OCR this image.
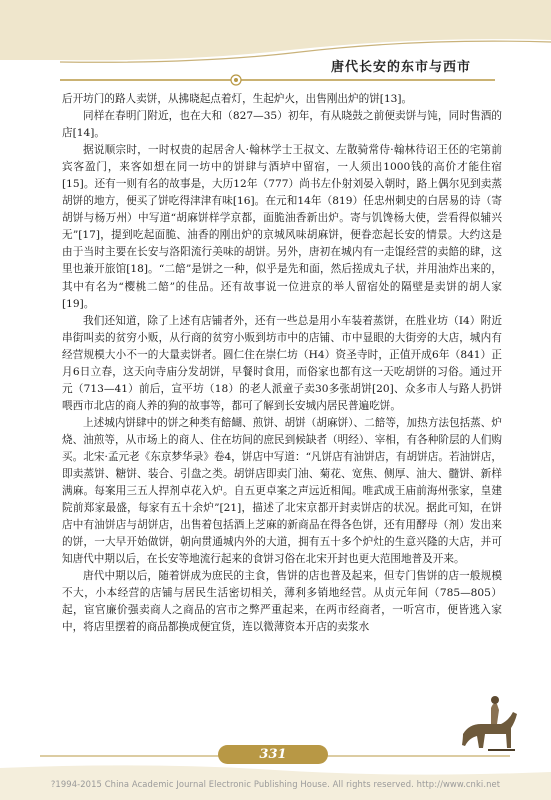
唐代长安的东市与西市

后开坊门的路人卖饼，从拂晓起点着灯，生起炉火，出售刚出炉的饼[13]。

同样在春明门附近，也在大和（827—35）初年，有从晓鼓之前便卖饼与饨，同时售酒的店[14]。

据说顺宗时，一时权贵的起居舍人·翰林学士王叔文、左散骑常侍·翰林待诏王伾的宅第前宾客盈门，来客如想在同一坊中的饼肆与酒垆中留宿，一人须出1000钱的高价才能住宿[15]。还有一则有名的故事是，大历12年（777）尚书左仆射刘晏入朝时，路上偶尔见到卖蒸胡饼的地方，便买了饼吃得津津有味[16]。在元和14年（819）任忠州刺史的白居易的诗（寄胡饼与杨万州）中写道“胡麻饼样学京都，面脆油香新出炉。寄与饥馋杨大使，尝看得似辅兴无”[17]，提到吃起面脆、油香的刚出炉的京城风味胡麻饼，便眷恋起长安的情景。大约这是由于当时主要在长安与洛阳流行美味的胡饼。另外，唐初在城内有一走馄经营的卖餢的肆，这里也兼开旅馆[18]。“二餢”是饼之一种，似乎是先和面，然后搓成丸子状，并用油炸出来的，其中有名为“樱桃二餢”的佳品。还有故事说一位进京的举人留宿处的隔壁是卖饼的胡人家[19]。

我们还知道，除了上述有店铺者外，还有一些总是用小车装着蒸饼，在胜业坊（I4）附近串街叫卖的贫穷小贩，从行商的贫穷小贩到坊市中的店铺、市中显眼的大街旁的大店，城内有经营规模大小不一的大量卖饼者。圆仁住在崇仁坊（H4）资圣寺时，正值开成6年（841）正月6日立春，这天向寺庙分发胡饼，早餐时食用，而俗家也都有这一天吃胡饼的习俗。通过开元（713—41）前后，宣平坊（18）的老人派童子卖30多张胡饼[20]、众多市人与路人扔饼喂西市北店的商人养的狗的故事等，都可了解到长安城内居民普遍吃饼。

上述城内饼肆中的饼之种类有餢餬、煎饼、胡饼（胡麻饼）、二餢等，加热方法包括蒸、炉烧、油煎等，从市场上的商人、住在坊间的庶民到候缺者（明经）、宰相，有各种阶层的人们购买。北宋·孟元老《东京梦华录》卷4，饼店中写道：“凡饼店有油饼店，有胡饼店。若油饼店，即卖蒸饼、糖饼、装合、引盘之类。胡饼店即卖门油、菊花、宽焦、侧厚、油大、髓饼、新样满麻。每案用三五人捍剂卓花入炉。自五更卓案之声远近相闻。唯武成王庙前海州张家，皇建院前郑家最盛，每家有五十余炉”[21]，描述了北宋京都开封卖饼店的状况。据此可知，在饼店中有油饼店与胡饼店，出售着包括酒上芝麻的新商品在得各色饼，还有用酵母（剂）发出来的饼，一大早开始做饼，朝向贯通城内外的大道，拥有五十多个炉灶的生意兴隆的大店，并可知唐代中期以后，在长安等地流行起来的食饼习俗在北宋开封也更大范围地普及开来。

唐代中期以后，随着饼成为庶民的主食，售饼的店也普及起来，但专门售饼的店一般规模不大，小本经营的店铺与居民生活密切相关，薄利多销地经营。从贞元年间（785—805）起，宦官廉价强卖商人之商品的宫市之弊严重起来，在两市经商者，一听宫市，便皆逃入家中，将店里摆着的商品都换成便宜货，连以微薄资本开店的卖浆水

331
?1994-2015 China Academic Journal Electronic Publishing House. All rights reserved. http://www.cnki.net
